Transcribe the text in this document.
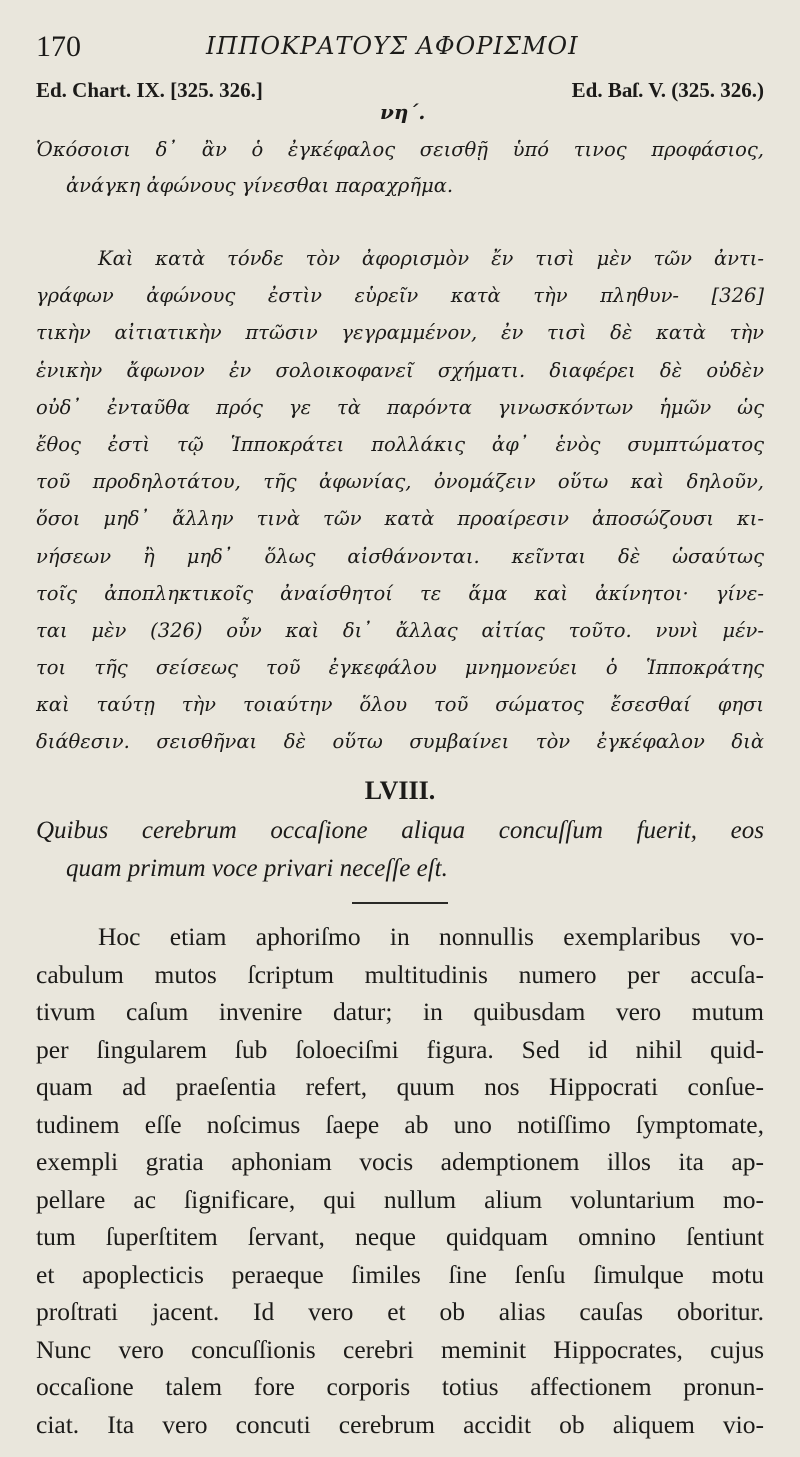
170	ΙΠΠΟΚΡΑΤΟΥΣ ΑΦΟΡΙΣΜΟΙ
Ed. Chart. IX. [325. 326.]	Ed. Baſ. V. (325. 326.)
νη΄.
Ὁκόσοισι δ᾽ ἂν ὁ ἐγκέφαλος σεισθῇ ὑπό τινος προφάσιος,
ἀνάγκη ἀφώνους γίνεσθαι παραχρῆμα.
Καὶ κατὰ τόνδε τὸν ἀφορισμὸν ἔν τισὶ μὲν τῶν ἀντι-
γράφων ἀφώνους ἐστὶν εὑρεῖν κατὰ τὴν πληθυν- [326]
τικὴν αἰτιατικὴν πτῶσιν γεγραμμένον, ἐν τισὶ δὲ κατὰ τὴν
ἑνικὴν ἄφωνον ἐν σολοικοφανεῖ σχήματι. διαφέρει δὲ οὐδὲν
οὐδ᾽ ἐνταῦθα πρός γε τὰ παρόντα γινωσκόντων ἡμῶν ὡς
ἔθος ἐστὶ τῷ Ἱπποκράτει πολλάκις ἀφ᾽ ἑνὸς συμπτώματος
τοῦ προδηλοτάτου, τῆς ἀφωνίας, ὀνομάζειν οὕτω καὶ δηλοῦν,
ὅσοι μηδ᾽ ἄλλην τινὰ τῶν κατὰ προαίρεσιν ἀποσώζουσι κι-
νήσεων ἢ μηδ᾽ ὅλως αἰσθάνονται. κεῖνται δὲ ὡσαύτως
τοῖς ἀποπληκτικοῖς ἀναίσθητοί τε ἅμα καὶ ἀκίνητοι· γίνε-
ται μὲν (326) οὖν καὶ δι᾽ ἄλλας αἰτίας τοῦτο. νυνὶ μέν-
τοι τῆς σείσεως τοῦ ἐγκεφάλου μνημονεύει ὁ Ἱπποκράτης
καὶ ταύτῃ τὴν τοιαύτην ὅλου τοῦ σώματος ἔσεσθαί φησι
διάθεσιν. σεισθῆναι δὲ οὕτω συμβαίνει τὸν ἐγκέφαλον διὰ
LVIII.
Quibus cerebrum occaſione aliqua concuſſum fuerit, eos
quam primum voce privari neceſſe eſt.
Hoc etiam aphoriſmo in nonnullis exemplaribus vo-
cabulum mutos ſcriptum multitudinis numero per accuſa-
tivum caſum invenire datur; in quibusdam vero mutum
per ſingularem ſub ſoloeciſmi figura. Sed id nihil quid-
quam ad praeſentia refert, quum nos Hippocrati conſue-
tudinem eſſe noſcimus ſaepe ab uno notiſſimo ſymptomate,
exempli gratia aphoniam vocis ademptionem illos ita ap-
pellare ac ſignificare, qui nullum alium voluntarium mo-
tum ſuperſtitem ſervant, neque quidquam omnino ſentiunt
et apoplecticis peraeque ſimiles ſine ſenſu ſimulque motu
proſtrati jacent. Id vero et ob alias cauſas oboritur.
Nunc vero concuſſionis cerebri meminit Hippocrates, cujus
occaſione talem fore corporis totius affectionem pronun-
ciat. Ita vero concuti cerebrum accidit ob aliquem vio-
